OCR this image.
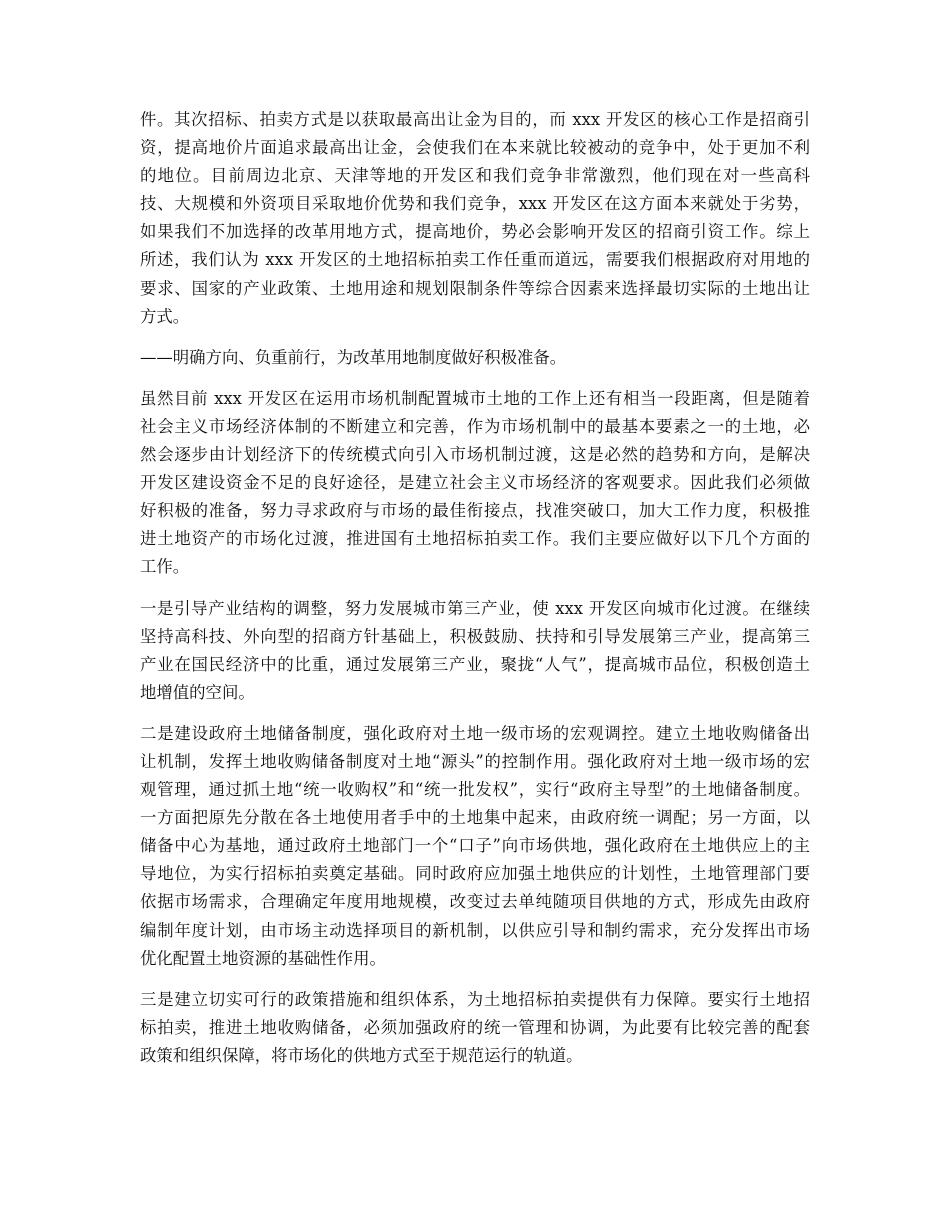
件。其次招标、拍卖方式是以获取最高出让金为目的，而 xxx 开发区的核心工作是招商引
资，提高地价片面追求最高出让金，会使我们在本来就比较被动的竞争中，处于更加不利
的地位。目前周边北京、天津等地的开发区和我们竞争非常激烈，他们现在对一些高科
技、大规模和外资项目采取地价优势和我们竞争，xxx 开发区在这方面本来就处于劣势，
如果我们不加选择的改革用地方式，提高地价，势必会影响开发区的招商引资工作。综上
所述，我们认为 xxx 开发区的土地招标拍卖工作任重而道远，需要我们根据政府对用地的
要求、国家的产业政策、土地用途和规划限制条件等综合因素来选择最切实际的土地出让
方式。
——明确方向、负重前行，为改革用地制度做好积极准备。
虽然目前 xxx 开发区在运用市场机制配置城市土地的工作上还有相当一段距离，但是随着
社会主义市场经济体制的不断建立和完善，作为市场机制中的最基本要素之一的土地，必
然会逐步由计划经济下的传统模式向引入市场机制过渡，这是必然的趋势和方向，是解决
开发区建设资金不足的良好途径，是建立社会主义市场经济的客观要求。因此我们必须做
好积极的准备，努力寻求政府与市场的最佳衔接点，找准突破口，加大工作力度，积极推
进土地资产的市场化过渡，推进国有土地招标拍卖工作。我们主要应做好以下几个方面的
工作。
一是引导产业结构的调整，努力发展城市第三产业，使 xxx 开发区向城市化过渡。在继续
坚持高科技、外向型的招商方针基础上，积极鼓励、扶持和引导发展第三产业，提高第三
产业在国民经济中的比重，通过发展第三产业，聚拢“人气”，提高城市品位，积极创造土
地增值的空间。
二是建设政府土地储备制度，强化政府对土地一级市场的宏观调控。建立土地收购储备出
让机制，发挥土地收购储备制度对土地“源头”的控制作用。强化政府对土地一级市场的宏
观管理，通过抓土地“统一收购权”和“统一批发权”，实行“政府主导型”的土地储备制度。
一方面把原先分散在各土地使用者手中的土地集中起来，由政府统一调配；另一方面，以
储备中心为基地，通过政府土地部门一个“口子”向市场供地，强化政府在土地供应上的主
导地位，为实行招标拍卖奠定基础。同时政府应加强土地供应的计划性，土地管理部门要
依据市场需求，合理确定年度用地规模，改变过去单纯随项目供地的方式，形成先由政府
编制年度计划，由市场主动选择项目的新机制，以供应引导和制约需求，充分发挥出市场
优化配置土地资源的基础性作用。
三是建立切实可行的政策措施和组织体系，为土地招标拍卖提供有力保障。要实行土地招
标拍卖，推进土地收购储备，必须加强政府的统一管理和协调，为此要有比较完善的配套
政策和组织保障，将市场化的供地方式至于规范运行的轨道。
